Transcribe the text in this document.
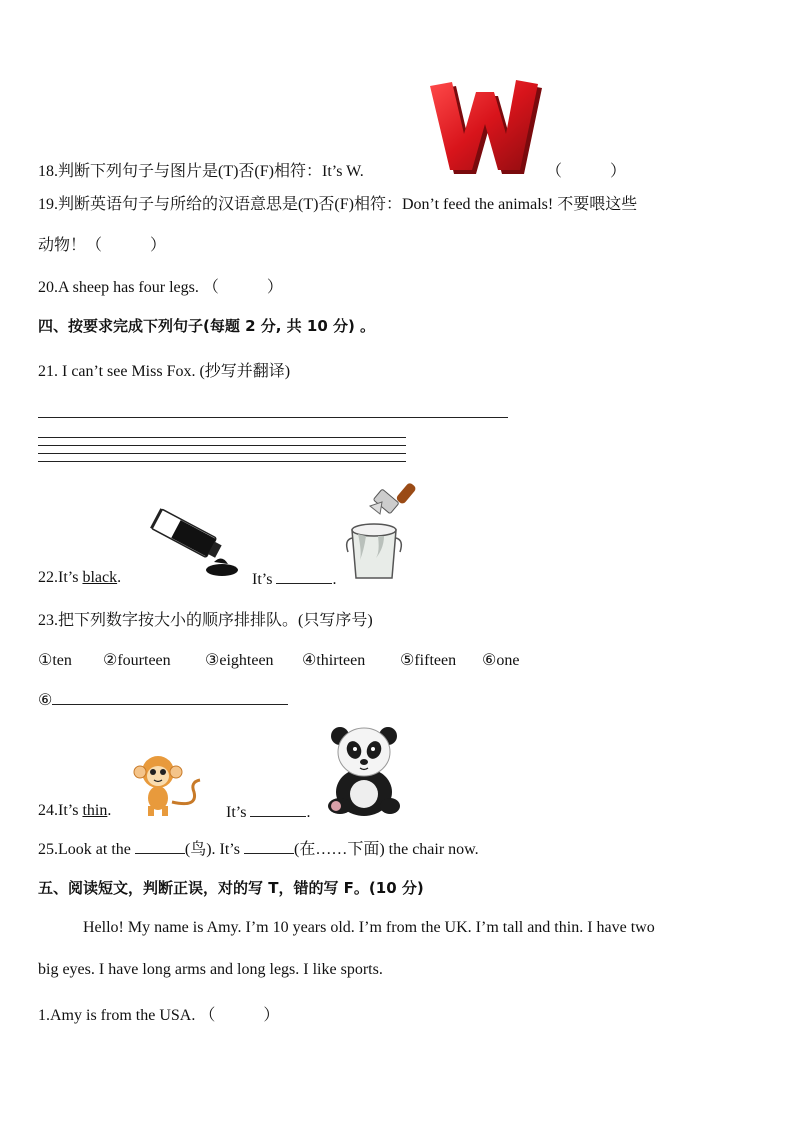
18.判断下列句子与图片是(T)否(F)相符：It’s W.
W
（　　　）
19.判断英语句子与所给的汉语意思是(T)否(F)相符：Don’t feed the animals! 不要喂这些
动物！（　　　）
20.A sheep has four legs. （　　　）
四、按要求完成下列句子(每题 2 分, 共 10 分) 。
21. I can’t see Miss Fox. (抄写并翻译)
22.It’s black.	It’s	.
23.把下列数字按大小的顺序排排队。(只写序号)
①ten ②fourteen ③eighteen ④thirteen ⑤fifteen ⑥one
⑥
24.It’s thin.	It’s	.
25.Look at the	(鸟). It’s	(在……下面) the chair now.
五、阅读短文，判断正误，对的写 T，错的写 F。(10 分)
Hello! My name is Amy. I’m 10 years old. I’m from the UK. I’m tall and thin. I have two
big eyes. I have long arms and long legs. I like sports.
1.Amy is from the USA. （　　　）
